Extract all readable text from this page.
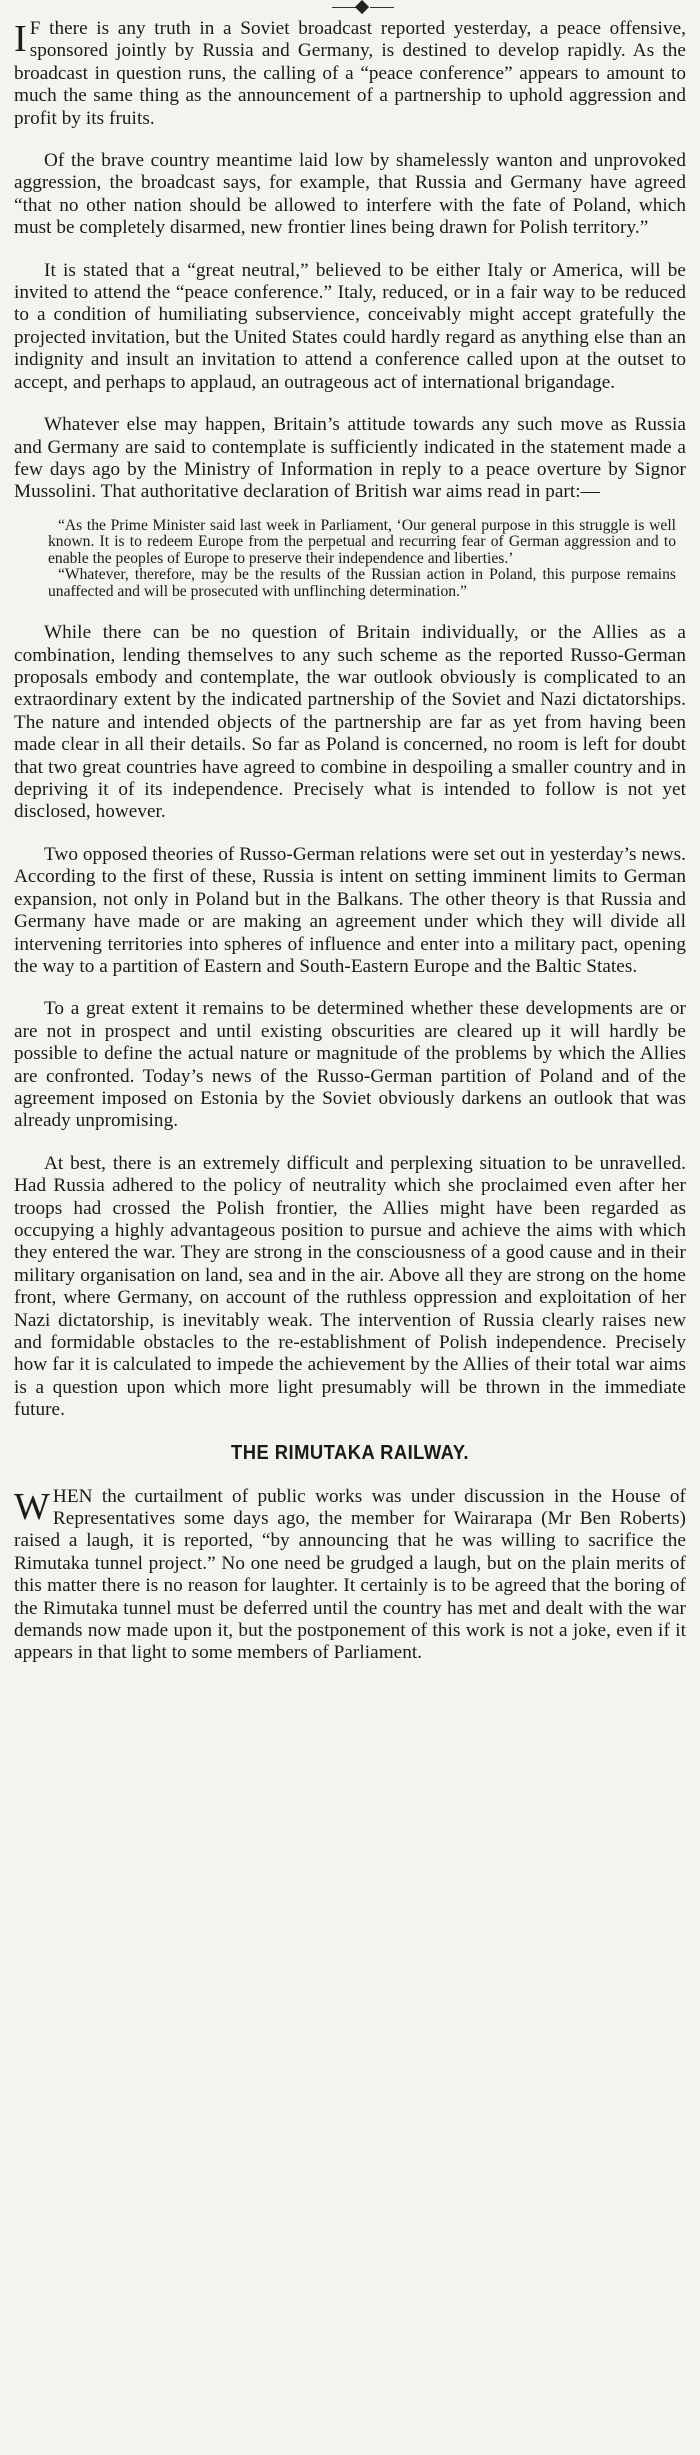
I F there is any truth in a Soviet broadcast reported yesterday, a peace offensive, sponsored jointly by Russia and Germany, is destined to develop rapidly. As the broadcast in question runs, the calling of a “peace conference” appears to amount to much the same thing as the announcement of a partnership to uphold aggression and profit by its fruits.

Of the brave country meantime laid low by shamelessly wanton and unprovoked aggression, the broadcast says, for example, that Russia and Germany have agreed “that no other nation should be allowed to interfere with the fate of Poland, which must be completely disarmed, new frontier lines being drawn for Polish territory.”

It is stated that a “great neutral,” believed to be either Italy or America, will be invited to attend the “peace conference.” Italy, reduced, or in a fair way to be reduced to a condition of humiliating subservience, conceivably might accept gratefully the projected invitation, but the United States could hardly regard as anything else than an indignity and insult an invitation to attend a conference called upon at the outset to accept, and perhaps to applaud, an outrageous act of international brigandage.

Whatever else may happen, Britain’s attitude towards any such move as Russia and Germany are said to contemplate is sufficiently indicated in the statement made a few days ago by the Ministry of Information in reply to a peace overture by Signor Mussolini. That authoritative declaration of British war aims read in part:—

“As the Prime Minister said last week in Parliament, ‘Our general purpose in this struggle is well known. It is to redeem Europe from the perpetual and recurring fear of German aggression and to enable the peoples of Europe to preserve their independence and liberties.’

“Whatever, therefore, may be the results of the Russian action in Poland, this purpose remains unaffected and will be prosecuted with unflinching determination.”

While there can be no question of Britain individually, or the Allies as a combination, lending themselves to any such scheme as the reported Russo-German proposals embody and contemplate, the war outlook obviously is complicated to an extraordinary extent by the indicated partnership of the Soviet and Nazi dictatorships. The nature and intended objects of the partnership are far as yet from having been made clear in all their details. So far as Poland is concerned, no room is left for doubt that two great countries have agreed to combine in despoiling a smaller country and in depriving it of its independence. Precisely what is intended to follow is not yet disclosed, however.

Two opposed theories of Russo-German relations were set out in yesterday’s news. According to the first of these, Russia is intent on setting imminent limits to German expansion, not only in Poland but in the Balkans. The other theory is that Russia and Germany have made or are making an agreement under which they will divide all intervening territories into spheres of influence and enter into a military pact, opening the way to a partition of Eastern and South-Eastern Europe and the Baltic States.

To a great extent it remains to be determined whether these developments are or are not in prospect and until existing obscurities are cleared up it will hardly be possible to define the actual nature or magnitude of the problems by which the Allies are confronted. Today’s news of the Russo-German partition of Poland and of the agreement imposed on Estonia by the Soviet obviously darkens an outlook that was already unpromising.

At best, there is an extremely difficult and perplexing situation to be unravelled. Had Russia adhered to the policy of neutrality which she proclaimed even after her troops had crossed the Polish frontier, the Allies might have been regarded as occupying a highly advantageous position to pursue and achieve the aims with which they entered the war. They are strong in the consciousness of a good cause and in their military organisation on land, sea and in the air. Above all they are strong on the home front, where Germany, on account of the ruthless oppression and exploitation of her Nazi dictatorship, is inevitably weak. The intervention of Russia clearly raises new and formidable obstacles to the re-establishment of Polish independence. Precisely how far it is calculated to impede the achievement by the Allies of their total war aims is a question upon which more light presumably will be thrown in the immediate future.

THE RIMUTAKA RAILWAY.

WHEN the curtailment of public works was under discussion in the House of Representatives some days ago, the member for Wairarapa (Mr Ben Roberts) raised a laugh, it is reported, “by announcing that he was willing to sacrifice the Rimutaka tunnel project.” No one need be grudged a laugh, but on the plain merits of this matter there is no reason for laughter. It certainly is to be agreed that the boring of the Rimutaka tunnel must be deferred until the country has met and dealt with the war demands now made upon it, but the postponement of this work is not a joke, even if it appears in that light to some members of Parliament.
